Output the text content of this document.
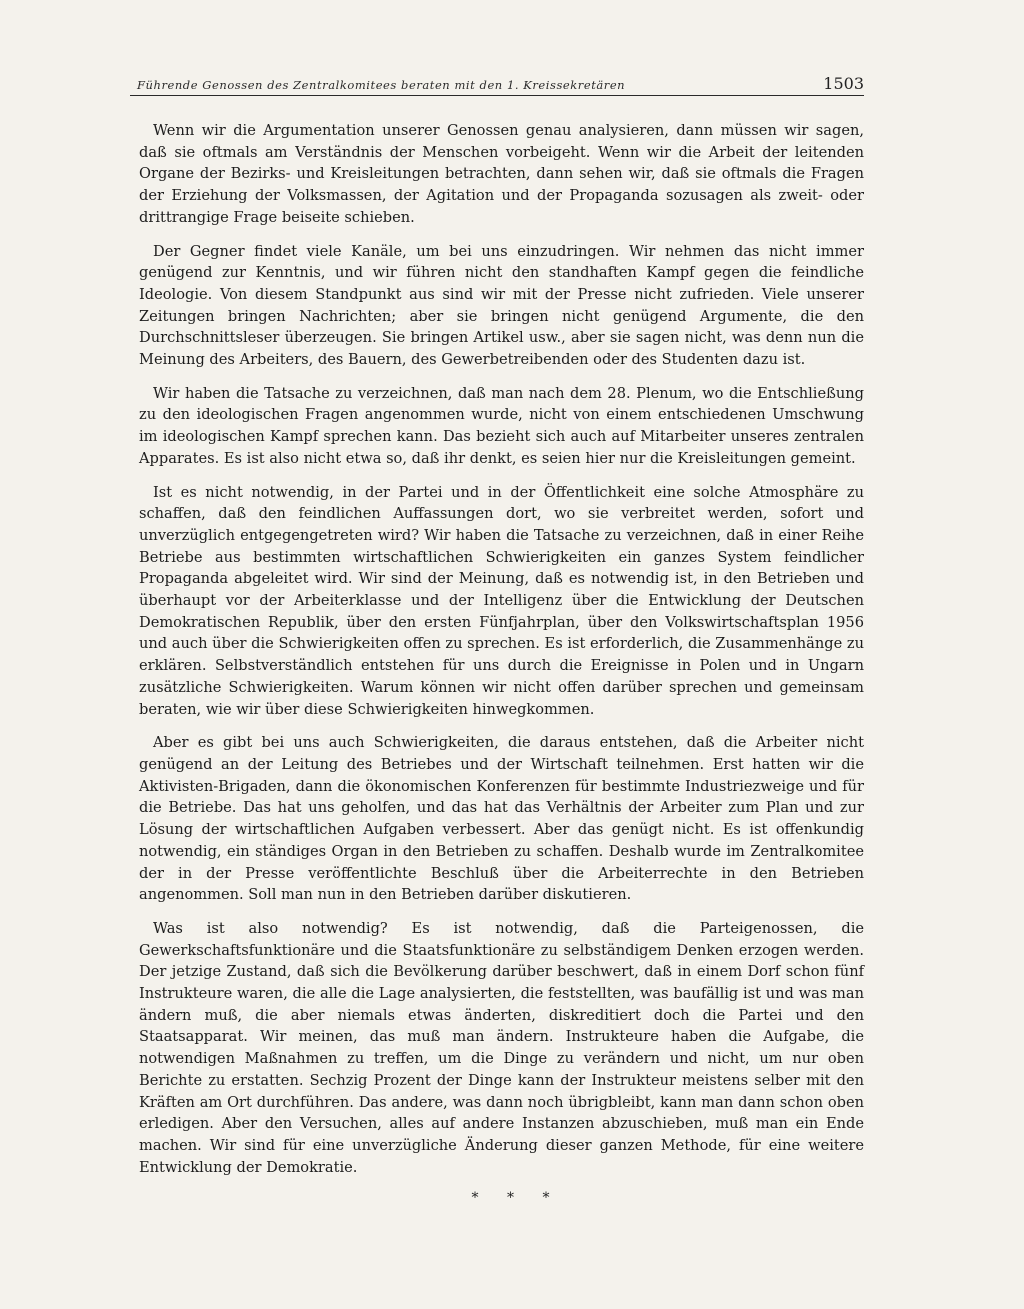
Führende Genossen des Zentralkomitees beraten mit den 1. Kreissekretären	1503

Wenn wir die Argumentation unserer Genossen genau analysieren, dann müssen wir sagen, daß sie oftmals am Verständnis der Menschen vorbeigeht. Wenn wir die Arbeit der leitenden Organe der Bezirks- und Kreisleitungen betrachten, dann sehen wir, daß sie oftmals die Fragen der Erziehung der Volksmassen, der Agitation und der Propaganda sozusagen als zweit- oder drittrangige Frage beiseite schieben.

Der Gegner findet viele Kanäle, um bei uns einzudringen. Wir nehmen das nicht immer genügend zur Kenntnis, und wir führen nicht den standhaften Kampf gegen die feindliche Ideologie. Von diesem Standpunkt aus sind wir mit der Presse nicht zufrieden. Viele unserer Zeitungen bringen Nachrichten; aber sie bringen nicht genügend Argumente, die den Durchschnittsleser überzeugen. Sie bringen Artikel usw., aber sie sagen nicht, was denn nun die Meinung des Arbeiters, des Bauern, des Gewerbetreibenden oder des Studenten dazu ist.

Wir haben die Tatsache zu verzeichnen, daß man nach dem 28. Plenum, wo die Entschließung zu den ideologischen Fragen angenommen wurde, nicht von einem entschiedenen Umschwung im ideologischen Kampf sprechen kann. Das bezieht sich auch auf Mitarbeiter unseres zentralen Apparates. Es ist also nicht etwa so, daß ihr denkt, es seien hier nur die Kreisleitungen gemeint.

Ist es nicht notwendig, in der Partei und in der Öffentlichkeit eine solche Atmosphäre zu schaffen, daß den feindlichen Auffassungen dort, wo sie verbreitet werden, sofort und unverzüglich entgegengetreten wird? Wir haben die Tatsache zu verzeichnen, daß in einer Reihe Betriebe aus bestimmten wirtschaftlichen Schwierigkeiten ein ganzes System feindlicher Propaganda abgeleitet wird. Wir sind der Meinung, daß es notwendig ist, in den Betrieben und überhaupt vor der Arbeiterklasse und der Intelligenz über die Entwicklung der Deutschen Demokratischen Republik, über den ersten Fünfjahrplan, über den Volkswirtschaftsplan 1956 und auch über die Schwierigkeiten offen zu sprechen. Es ist erforderlich, die Zusammenhänge zu erklären. Selbstverständlich entstehen für uns durch die Ereignisse in Polen und in Ungarn zusätzliche Schwierigkeiten. Warum können wir nicht offen darüber sprechen und gemeinsam beraten, wie wir über diese Schwierigkeiten hinwegkommen.

Aber es gibt bei uns auch Schwierigkeiten, die daraus entstehen, daß die Arbeiter nicht genügend an der Leitung des Betriebes und der Wirtschaft teilnehmen. Erst hatten wir die Aktivisten-Brigaden, dann die ökonomischen Konferenzen für bestimmte Industriezweige und für die Betriebe. Das hat uns geholfen, und das hat das Verhältnis der Arbeiter zum Plan und zur Lösung der wirtschaftlichen Aufgaben verbessert. Aber das genügt nicht. Es ist offenkundig notwendig, ein ständiges Organ in den Betrieben zu schaffen. Deshalb wurde im Zentralkomitee der in der Presse veröffentlichte Beschluß über die Arbeiterrechte in den Betrieben angenommen. Soll man nun in den Betrieben darüber diskutieren.

Was ist also notwendig? Es ist notwendig, daß die Parteigenossen, die Gewerkschaftsfunktionäre und die Staatsfunktionäre zu selbständigem Denken erzogen werden. Der jetzige Zustand, daß sich die Bevölkerung darüber beschwert, daß in einem Dorf schon fünf Instrukteure waren, die alle die Lage analysierten, die feststellten, was baufällig ist und was man ändern muß, die aber niemals etwas änderten, diskreditiert doch die Partei und den Staatsapparat. Wir meinen, das muß man ändern. Instrukteure haben die Aufgabe, die notwendigen Maßnahmen zu treffen, um die Dinge zu verändern und nicht, um nur oben Berichte zu erstatten. Sechzig Prozent der Dinge kann der Instrukteur meistens selber mit den Kräften am Ort durchführen. Das andere, was dann noch übrigbleibt, kann man dann schon oben erledigen. Aber den Versuchen, alles auf andere Instanzen abzuschieben, muß man ein Ende machen. Wir sind für eine unverzügliche Änderung dieser ganzen Methode, für eine weitere Entwicklung der Demokratie.

* * *
